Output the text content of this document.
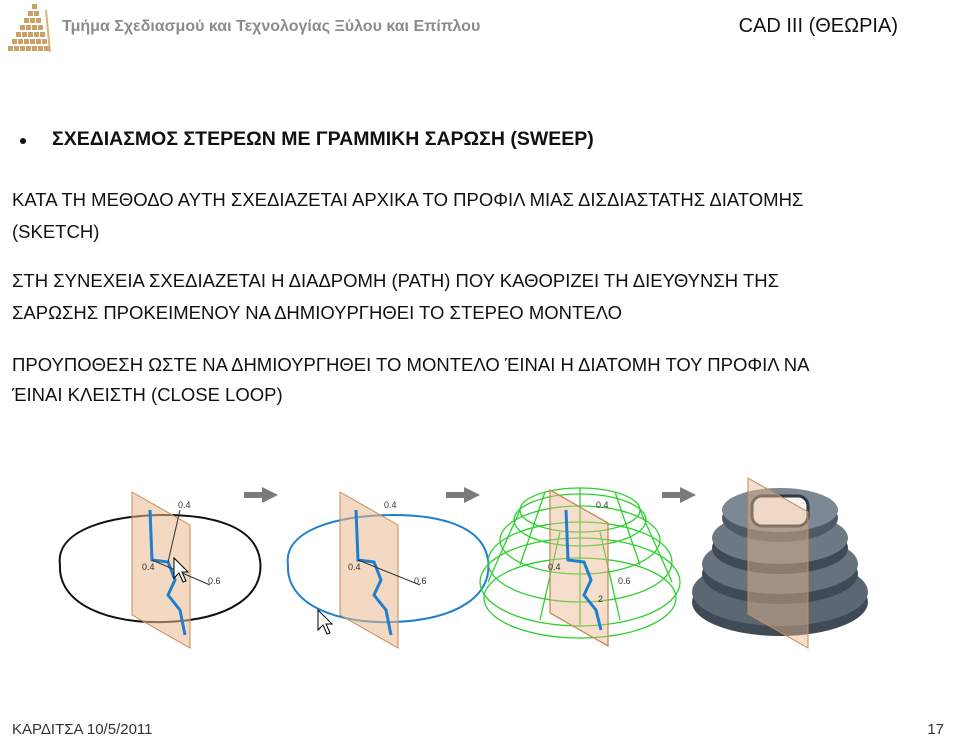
Τμήμα Σχεδιασμού και Τεχνολογίας Ξύλου και Επίπλου	CAD III (ΘΕΩΡΙΑ)
ΣΧΕΔΙΑΣΜΟΣ ΣΤΕΡΕΩΝ ΜΕ ΓΡΑΜΜΙΚΗ ΣΑΡΩΣΗ (SWEEP)
ΚΑΤΑ ΤΗ ΜΕΘΟΔΟ ΑΥΤΗ ΣΧΕΔΙΑΖΕΤΑΙ ΑΡΧΙΚΑ ΤΟ ΠΡΟΦΙΛ ΜΙΑΣ ΔΙΣΔΙΑΣΤΑΤΗΣ ΔΙΑΤΟΜΗΣ
(SKETCH)
ΣΤΗ ΣΥΝΕΧΕΙΑ ΣΧΕΔΙΑΖΕΤΑΙ Η ΔΙΑΔΡΟΜΗ (PATH) ΠΟΥ ΚΑΘΟΡΙΖΕΙ ΤΗ ΔΙΕΥΘΥΝΣΗ ΤΗΣ
ΣΑΡΩΣΗΣ ΠΡΟΚΕΙΜΕΝΟΥ ΝΑ ΔΗΜΙΟΥΡΓΗΘΕΙ ΤΟ ΣΤΕΡΕΟ ΜΟΝΤΕΛΟ
ΠΡΟΥΠΟΘΕΣΗ ΩΣΤΕ ΝΑ ΔΗΜΙΟΥΡΓΗΘΕΙ ΤΟ ΜΟΝΤΕΛΟ ΈΙΝΑΙ Η ΔΙΑΤΟΜΗ ΤΟΥ ΠΡΟΦΙΛ ΝΑ
ΈΙΝΑΙ ΚΛΕΙΣΤΗ (CLOSE LOOP)
0.4
0.4
0.6
0.4
0.4
0.6
0.4
0.4
0.6
2
ΚΑΡΔΙΤΣΑ 10/5/2011	17
